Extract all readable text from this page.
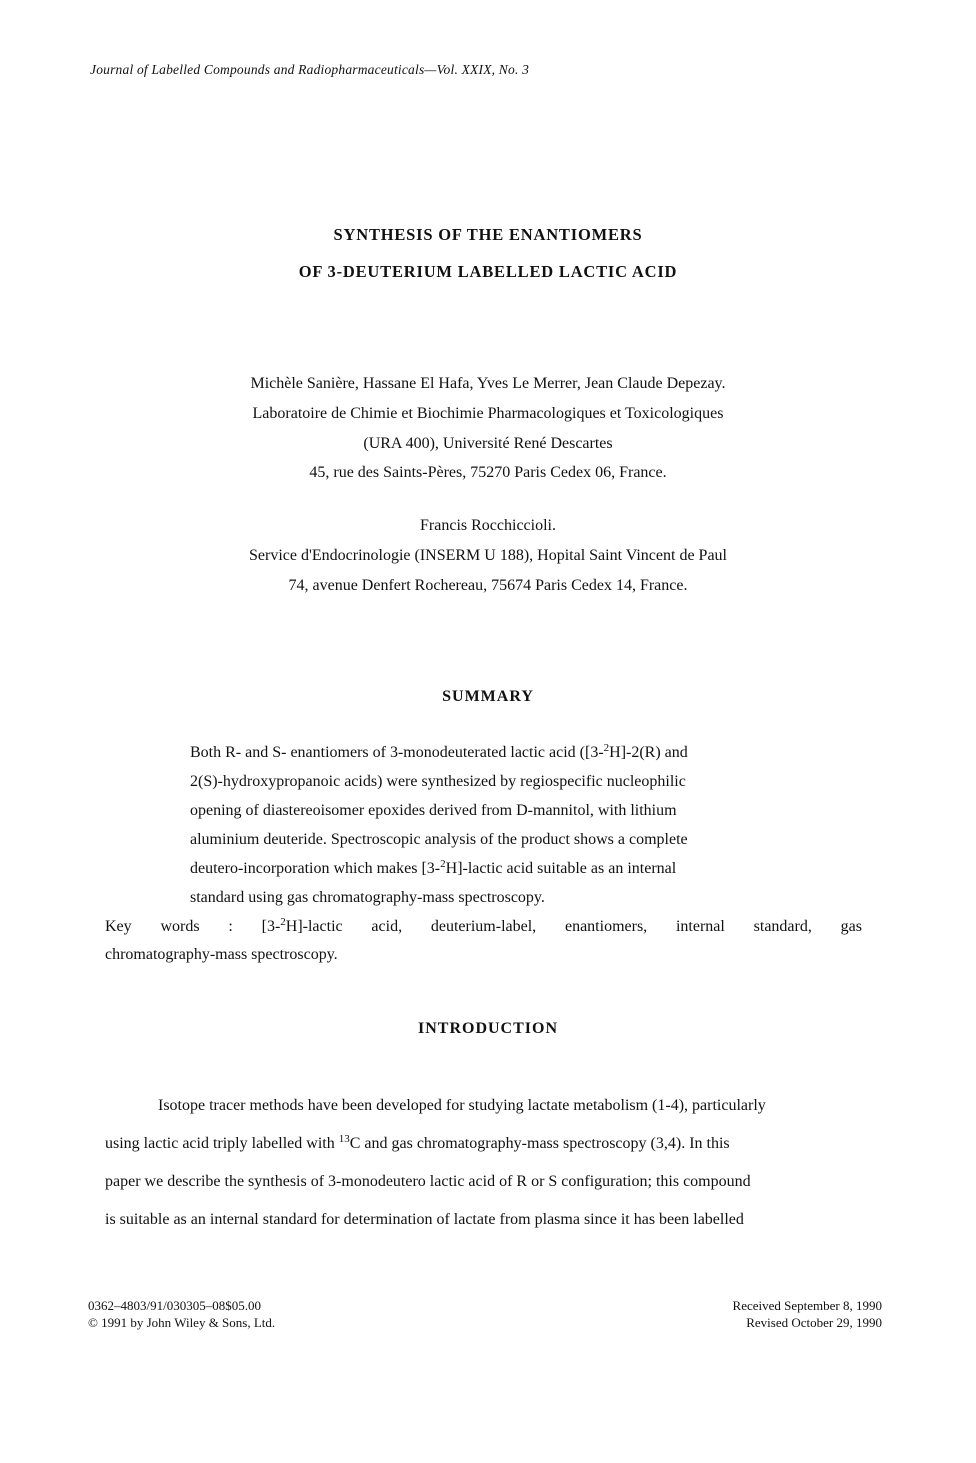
Journal of Labelled Compounds and Radiopharmaceuticals—Vol. XXIX, No. 3
SYNTHESIS OF THE ENANTIOMERS
OF 3-DEUTERIUM LABELLED LACTIC ACID
Michèle Sanière, Hassane El Hafa, Yves Le Merrer, Jean Claude Depezay.
Laboratoire de Chimie et Biochimie Pharmacologiques et Toxicologiques
(URA 400), Université René Descartes
45, rue des Saints-Pères, 75270 Paris Cedex 06, France.
Francis Rocchiccioli.
Service d'Endocrinologie (INSERM U 188), Hopital Saint Vincent de Paul
74, avenue Denfert Rochereau, 75674 Paris Cedex 14, France.
SUMMARY
Both R- and S- enantiomers of 3-monodeuterated lactic acid ([3-$^2$H]-2(R) and
2(S)-hydroxypropanoic acids) were synthesized by regiospecific nucleophilic
opening of diastereoisomer epoxides derived from D-mannitol, with lithium
aluminium deuteride. Spectroscopic analysis of the product shows a complete
deutero-incorporation which makes [3-$^2$H]-lactic acid suitable as an internal
standard using gas chromatography-mass spectroscopy.
Key words : [3-$^2$H]-lactic acid, deuterium-label, enantiomers, internal standard, gas
chromatography-mass spectroscopy.
INTRODUCTION
Isotope tracer methods have been developed for studying lactate metabolism (1-4), particularly
using lactic acid triply labelled with $^{13}$C and gas chromatography-mass spectroscopy (3,4). In this
paper we describe the synthesis of 3-monodeutero lactic acid of R or S configuration; this compound
is suitable as an internal standard for determination of lactate from plasma since it has been labelled
0362–4803/91/030305–08$05.00
© 1991 by John Wiley & Sons, Ltd.
Received September 8, 1990
Revised October 29, 1990
